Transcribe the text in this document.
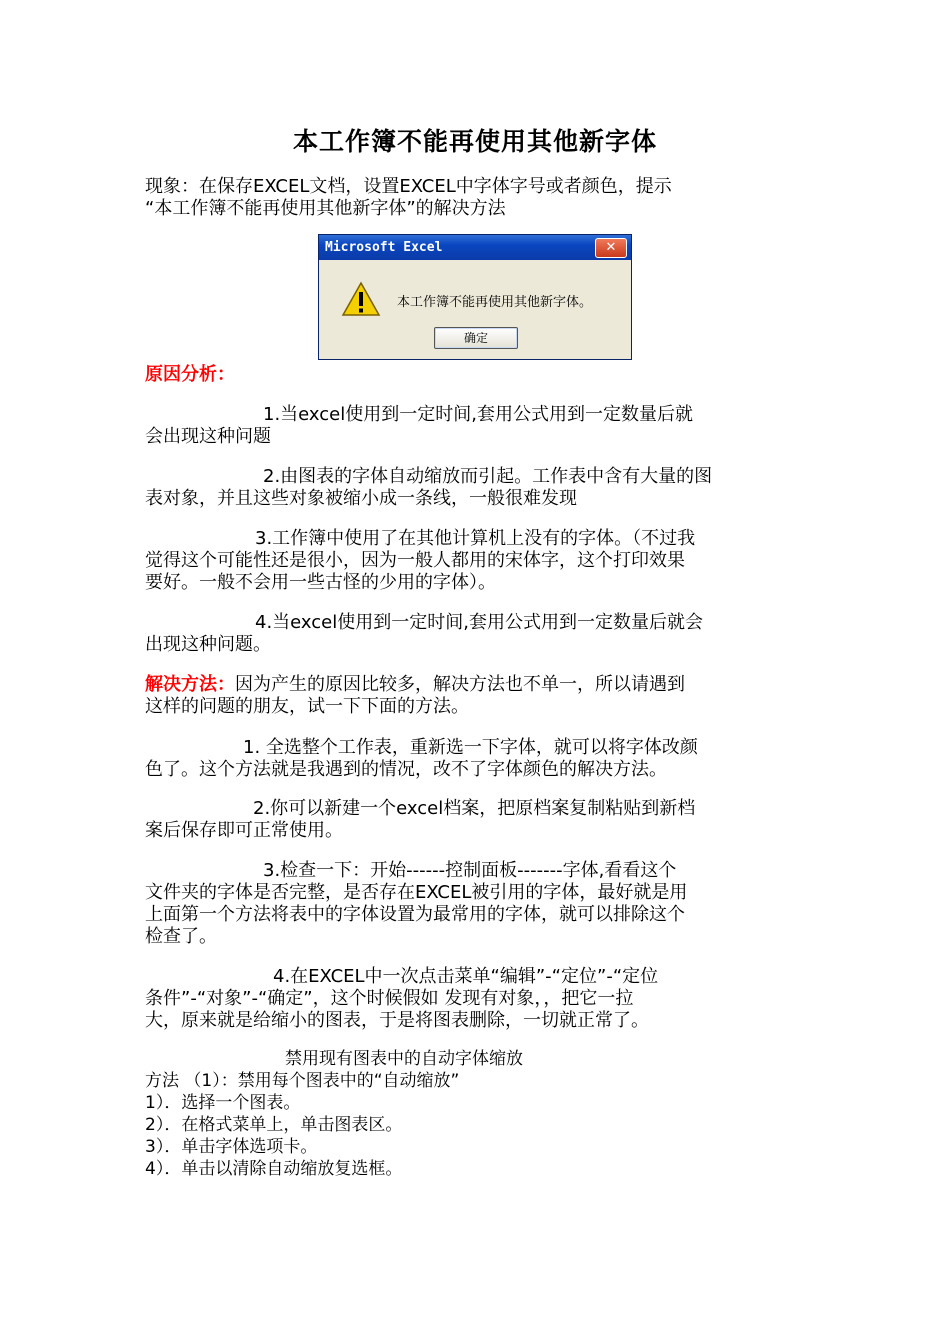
本工作簿不能再使用其他新字体
现象：在保存EXCEL文档，设置EXCEL中字体字号或者颜色，提示
“本工作簿不能再使用其他新字体”的解决方法
Microsoft Excel	✕
本工作簿不能再使用其他新字体。
确定
原因分析：
1.当excel使用到一定时间,套用公式用到一定数量后就
会出现这种问题
2.由图表的字体自动缩放而引起。工作表中含有大量的图
表对象，并且这些对象被缩小成一条线，一般很难发现
3.工作簿中使用了在其他计算机上没有的字体。（不过我
觉得这个可能性还是很小，因为一般人都用的宋体字，这个打印效果
要好。一般不会用一些古怪的少用的字体）。
4.当excel使用到一定时间,套用公式用到一定数量后就会
出现这种问题。
解决方法：因为产生的原因比较多，解决方法也不单一，所以请遇到
这样的问题的朋友，试一下下面的方法。
1. 全选整个工作表，重新选一下字体，就可以将字体改颜
色了。这个方法就是我遇到的情况，改不了字体颜色的解决方法。
2.你可以新建一个excel档案，把原档案复制粘贴到新档
案后保存即可正常使用。
3.检查一下：开始------控制面板-------字体,看看这个
文件夹的字体是否完整，是否存在EXCEL被引用的字体，最好就是用
上面第一个方法将表中的字体设置为最常用的字体，就可以排除这个
检查了。
4.在EXCEL中一次点击菜单“编辑”-“定位”-“定位
条件”-“对象”-“确定”，这个时候假如 发现有对象，，把它一拉
大，原来就是给缩小的图表，于是将图表删除，一切就正常了。
禁用现有图表中的自动字体缩放
方法 （1）：禁用每个图表中的“自动缩放”
1）．选择一个图表。
2）．在格式菜单上，单击图表区。
3）．单击字体选项卡。
4）．单击以清除自动缩放复选框。
